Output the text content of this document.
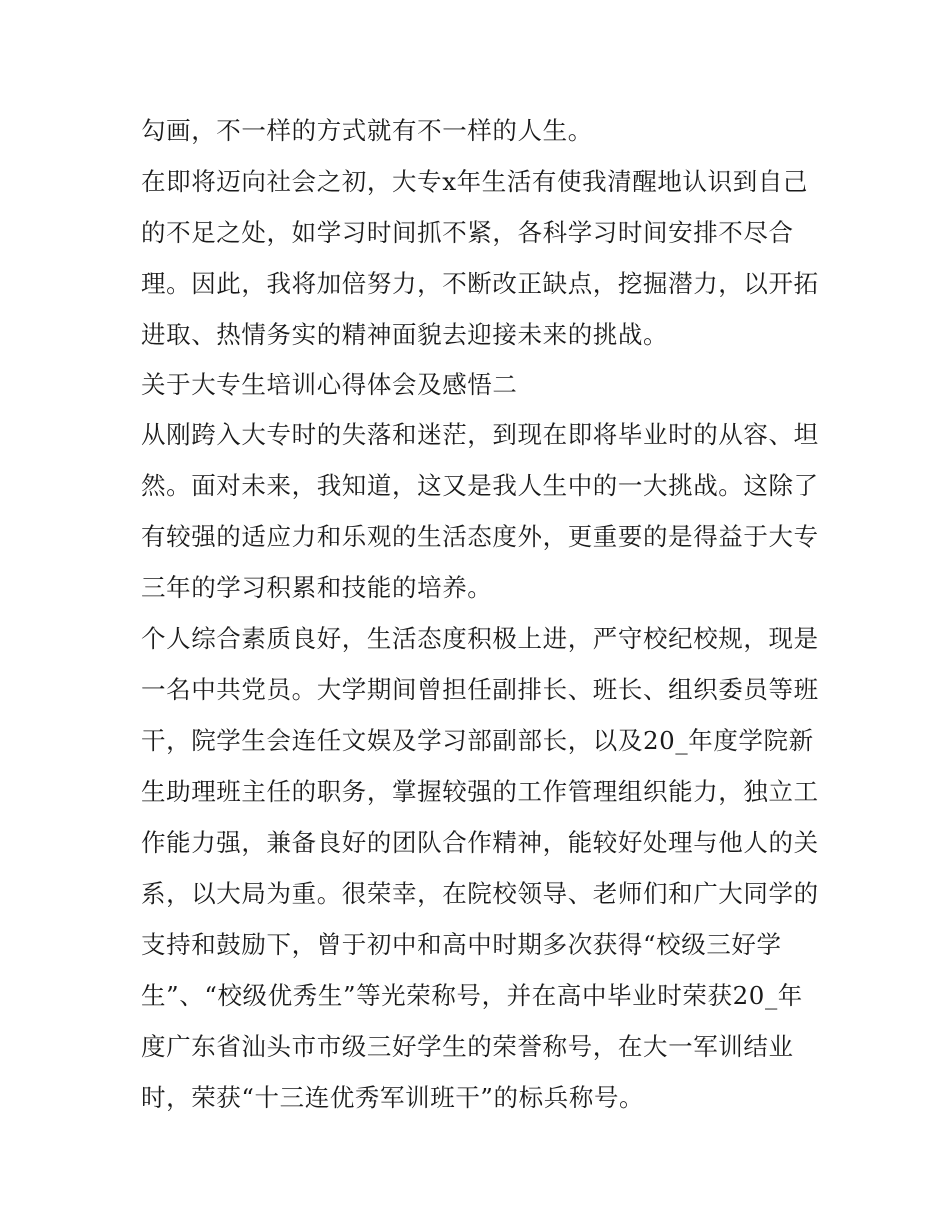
勾画，不一样的方式就有不一样的人生。

在即将迈向社会之初，大专x年生活有使我清醒地认识到自己

的不足之处，如学习时间抓不紧，各科学习时间安排不尽合

理。因此，我将加倍努力，不断改正缺点，挖掘潜力，以开拓

进取、热情务实的精神面貌去迎接未来的挑战。

关于大专生培训心得体会及感悟二

从刚跨入大专时的失落和迷茫，到现在即将毕业时的从容、坦

然。面对未来，我知道，这又是我人生中的一大挑战。这除了

有较强的适应力和乐观的生活态度外，更重要的是得益于大专

三年的学习积累和技能的培养。

个人综合素质良好，生活态度积极上进，严守校纪校规，现是

一名中共党员。大学期间曾担任副排长、班长、组织委员等班

干，院学生会连任文娱及学习部副部长，以及20_年度学院新

生助理班主任的职务，掌握较强的工作管理组织能力，独立工

作能力强，兼备良好的团队合作精神，能较好处理与他人的关

系，以大局为重。很荣幸，在院校领导、老师们和广大同学的

支持和鼓励下，曾于初中和高中时期多次获得“校级三好学

生”、“校级优秀生”等光荣称号，并在高中毕业时荣获20_年

度广东省汕头市市级三好学生的荣誉称号，在大一军训结业

时，荣获“十三连优秀军训班干”的标兵称号。
